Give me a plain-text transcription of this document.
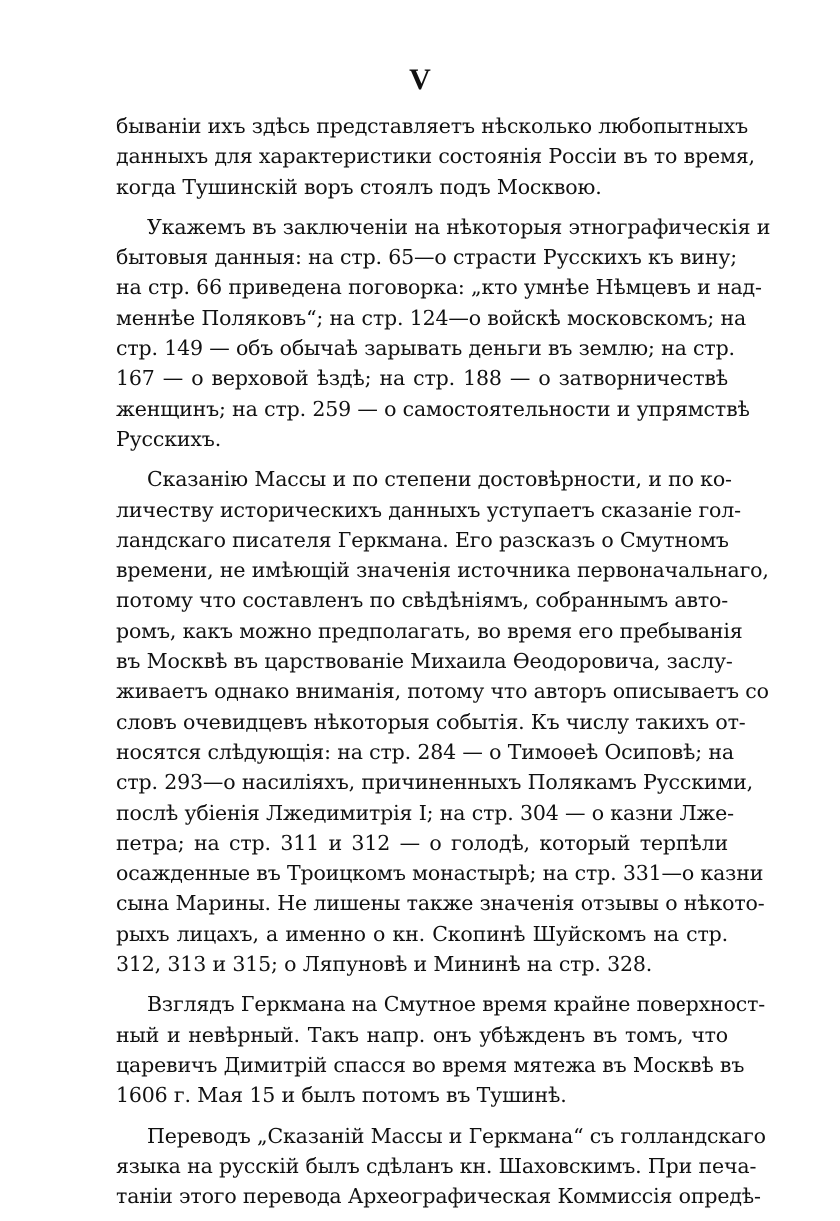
V
бываніи ихъ здѣсь представляетъ нѣсколько любопытныхъ
данныхъ для характеристики состоянія Россіи въ то время,
когда Тушинскій воръ стоялъ подъ Москвою.
Укажемъ въ заключеніи на нѣкоторыя этнографическія и
бытовыя данныя: на стр. 65—о страсти Русскихъ къ вину;
на стр. 66 приведена поговорка: „кто умнѣе Нѣмцевъ и над-
меннѣе Поляковъ“; на стр. 124—о войскѣ московскомъ; на
стр. 149 — объ обычаѣ зарывать деньги въ землю; на стр.
167 — о верховой ѣздѣ; на стр. 188 — о затворничествѣ
женщинъ; на стр. 259 — о самостоятельности и упрямствѣ
Русскихъ.
Сказанію Массы и по степени достовѣрности, и по ко-
личеству историческихъ данныхъ уступаетъ сказаніе гол-
ландскаго писателя Геркмана. Его разсказъ о Смутномъ
времени, не имѣющій значенія источника первоначальнаго,
потому что составленъ по свѣдѣніямъ, собраннымъ авто-
ромъ, какъ можно предполагать, во время его пребыванія
въ Москвѣ въ царствованіе Михаила Ѳеодоровича, заслу-
живаетъ однако вниманія, потому что авторъ описываетъ со
словъ очевидцевъ нѣкоторыя событія. Къ числу такихъ от-
носятся слѣдующія: на стр. 284 — о Тимоѳеѣ Осиповѣ; на
стр. 293—о насиліяхъ, причиненныхъ Полякамъ Русскими,
послѣ убіенія Лжедимитрія I; на стр. 304 — о казни Лже-
петра; на стр. 311 и 312 — о голодѣ, который терпѣли
осажденные въ Троицкомъ монастырѣ; на стр. 331—о казни
сына Марины. Не лишены также значенія отзывы о нѣкото-
рыхъ лицахъ, а именно о кн. Скопинѣ Шуйскомъ на стр.
312, 313 и 315; о Ляпуновѣ и Мининѣ на стр. 328.
Взглядъ Геркмана на Смутное время крайне поверхност-
ный и невѣрный. Такъ напр. онъ убѣжденъ въ томъ, что
царевичъ Димитрій спасся во время мятежа въ Москвѣ въ
1606 г. Мая 15 и былъ потомъ въ Тушинѣ.
Переводъ „Сказаній Массы и Геркмана“ съ голландскаго
языка на русскій былъ сдѣланъ кн. Шаховскимъ. При печа-
таніи этого перевода Археографическая Коммиссія опредѣ-
